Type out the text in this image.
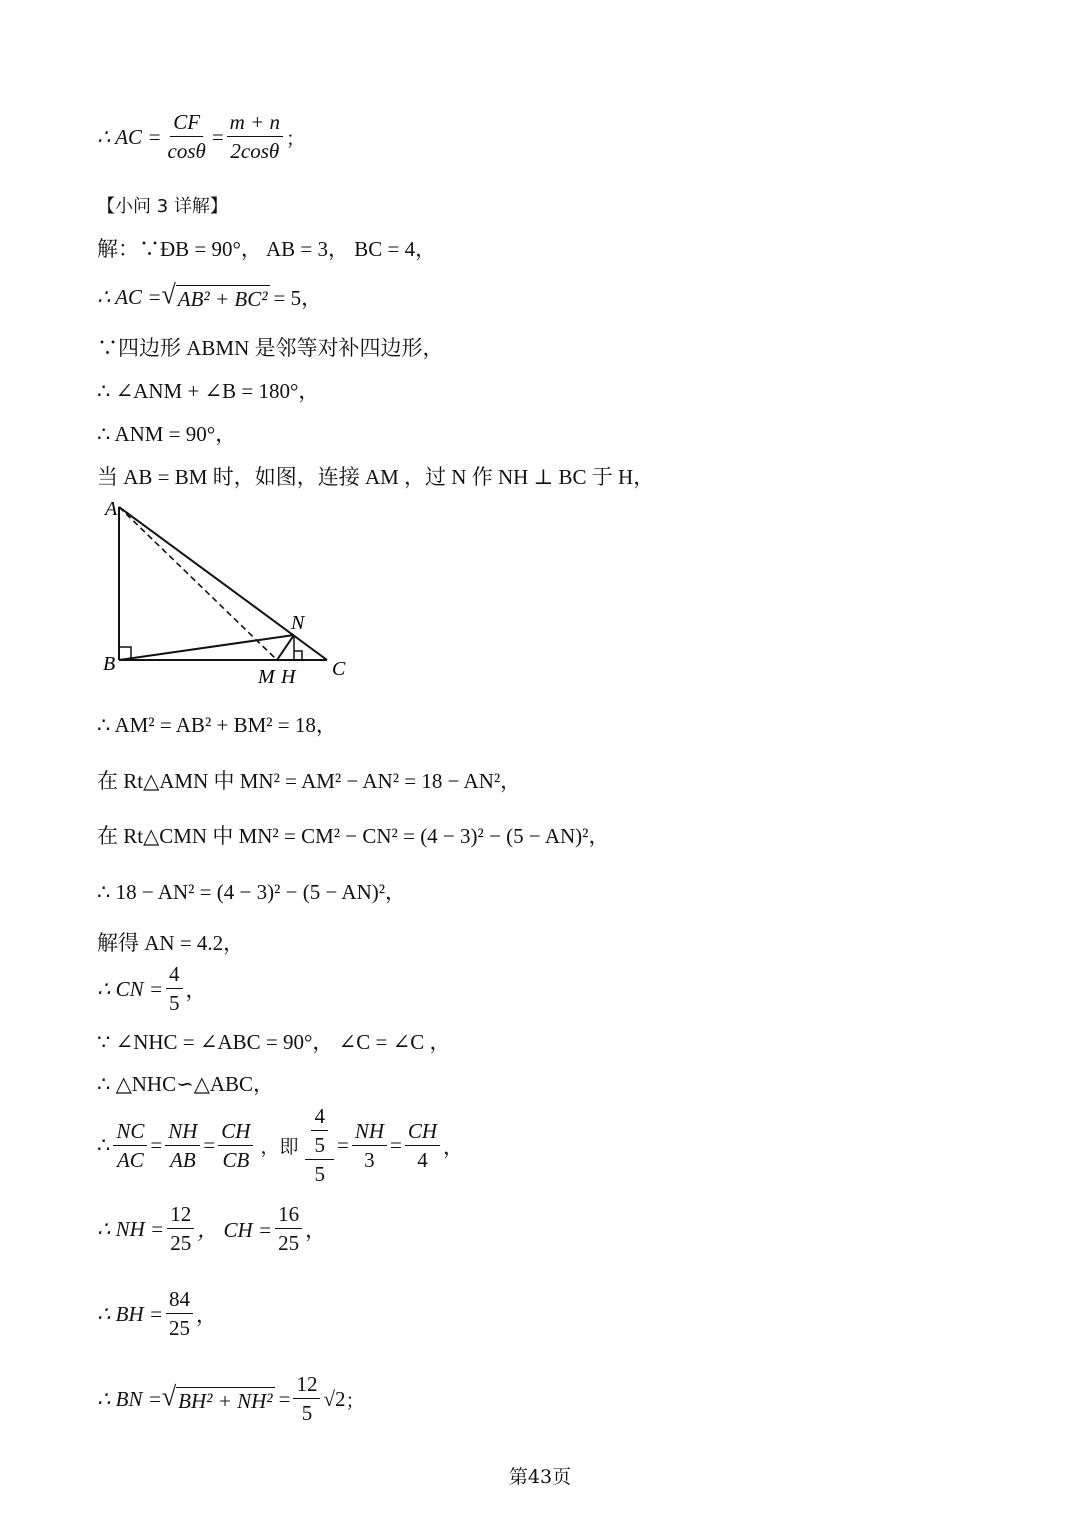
∴ AC = $\frac{CF}{\cos\theta} = \frac{m + n}{2\cos\theta}$ ；
【小问 3 详解】
解：∵ÐB = 90°， AB = 3， BC = 4，
∴ AC = √ AB² + BC² = 5，
∵四边形 ABMN 是邻等对补四边形，
∴ ∠ANM + ∠B = 180°，
∴ ANM = 90°，
当 AB = BM 时，如图，连接 AM ，过 N 作 NH ⊥ BC 于 H，
A
B	C
M H
N
∴ AM² = AB² + BM² = 18，
在 Rt△AMN 中 MN² = AM² − AN² = 18 − AN²，
在 Rt△CMN 中 MN² = CM² − CN² = (4 − 3)² − (5 − AN)²，
∴ 18 − AN² = (4 − 3)² − (5 − AN)²，
解得 AN = 4.2，
∴ CN = $\frac{4}{5}$ ，
∵ ∠NHC = ∠ABC = 90°， ∠C = ∠C ，
∴ △NHC∽△ABC，
∴ $\frac{NC}{AC} = \frac{NH}{AB} = \frac{CH}{CB}$ ，即 $\frac{\frac{4}{5}}{5} = \frac{NH}{3} = \frac{CH}{4}$ ，
∴ NH = $\frac{12}{25}$ ， CH = $\frac{16}{25}$ ，
∴ BH = $\frac{84}{25}$ ，
∴ BN = √ $BH^2 + NH^2 = \frac{12}{5} √2$ ；
第43页
